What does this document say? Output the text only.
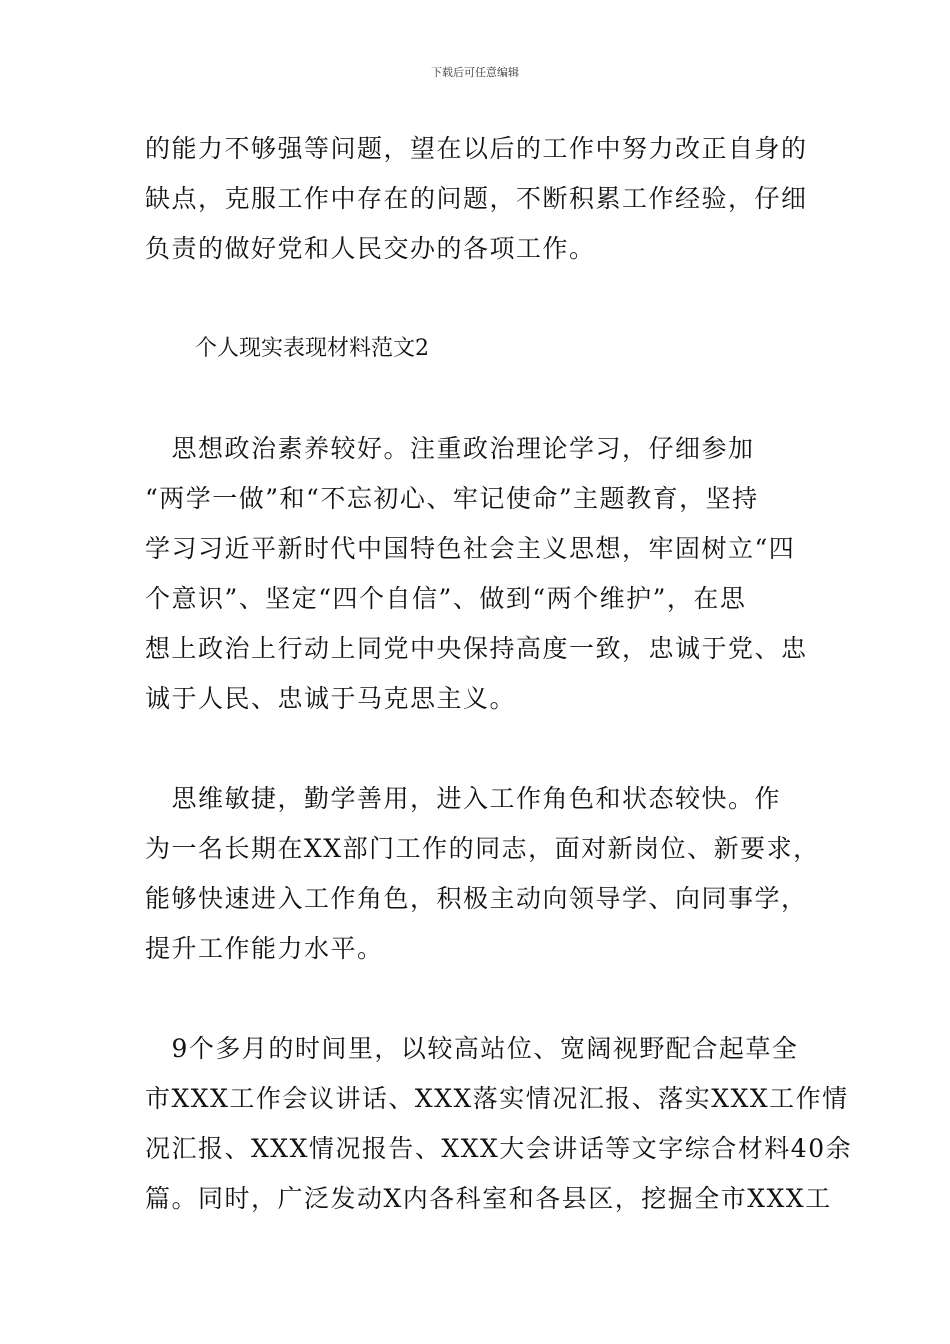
下载后可任意编辑

的能力不够强等问题，望在以后的工作中努力改正自身的
缺点，克服工作中存在的问题，不断积累工作经验，仔细
负责的做好党和人民交办的各项工作。

个人现实表现材料范文2

　思想政治素养较好。注重政治理论学习，仔细参加
“两学一做”和“不忘初心、牢记使命”主题教育，坚持
学习习近平新时代中国特色社会主义思想，牢固树立“四
个意识”、坚定“四个自信”、做到“两个维护”，在思
想上政治上行动上同党中央保持高度一致，忠诚于党、忠
诚于人民、忠诚于马克思主义。

　思维敏捷，勤学善用，进入工作角色和状态较快。作
为一名长期在XX部门工作的同志，面对新岗位、新要求，
能够快速进入工作角色，积极主动向领导学、向同事学，
提升工作能力水平。

　9个多月的时间里，以较高站位、宽阔视野配合起草全
市XXX工作会议讲话、XXX落实情况汇报、落实XXX工作情
况汇报、XXX情况报告、XXX大会讲话等文字综合材料40余
篇。同时，广泛发动X内各科室和各县区，挖掘全市XXX工
